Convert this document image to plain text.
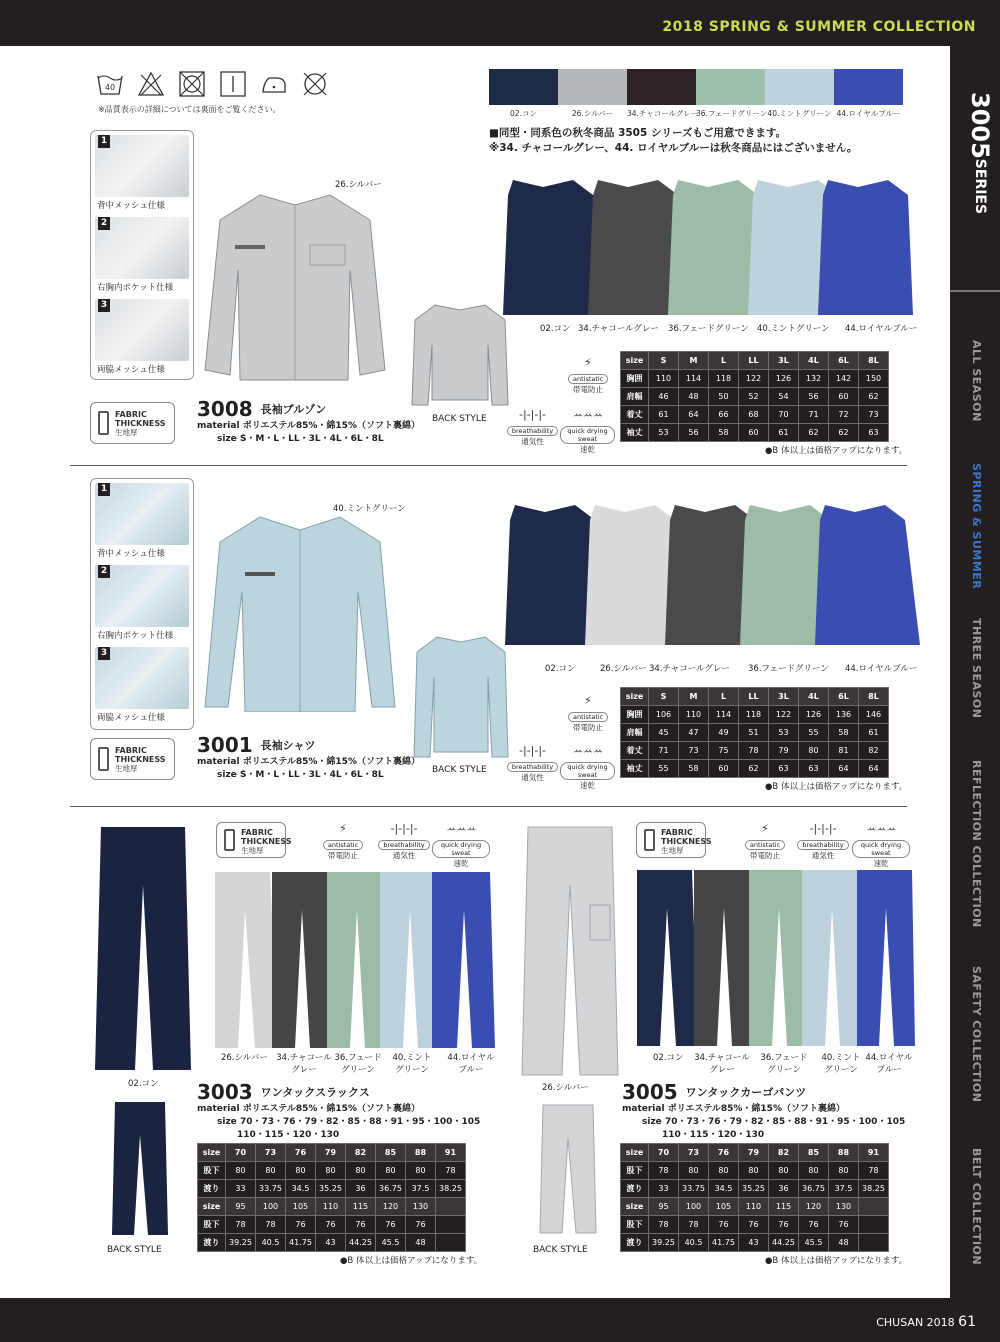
2018 SPRING & SUMMER COLLECTION
3005SERIES
ALL SEASON
SPRING & SUMMER
THREE SEASON
REFLECTION COLLECTION
SAFETY COLLECTION
BELT COLLECTION
40
※品質表示の詳細については裏面をご覧ください。	02.コン	26.シルバー	34.チャコールグレー
36.フェードグリーン 40.ミントグリーン 44.ロイヤルブルー
■同型・同系色の秋冬商品 3505 シリーズもご用意できます。
※34. チャコールグレー、44. ロイヤルブルーは秋冬商品にはございません。
1
背中メッシュ仕様
2
右胸内ポケット仕様
3
両脇メッシュ仕様
26.シルバー
BACK STYLE
02.コン 34.チャコールグレー 36.フェードグリーン 40.ミントグリーン 44.ロイヤルブルー
FABRIC
THICKNESS
生地厚
3008 長袖ブルゾン
material ポリエステル85%・綿15%（ソフト裏綿）
size S・M・L・LL・3L・4L・6L・8L
⚡
antistatic
帯電防止
-|-|-|-
breathability
通気性
ꕀꕀꕀ
quick drying sweat
速乾
size	S	M	L	LL	3L	4L	6L	8L
胸囲	110	114	118	122	126	132	142	150
肩幅	46	48	50	52	54	56	60	62
着丈	61	64	66	68	70	71	72	73
袖丈	53	56	58	60	61	62	62	63
●B 体以上は価格アップになります。
1
背中メッシュ仕様
2
右胸内ポケット仕様
3
両脇メッシュ仕様
40.ミントグリーン
BACK STYLE
02.コン	26.シルバー 34.チャコールグレー 36.フェードグリーン 44.ロイヤルブルー
FABRIC
THICKNESS
生地厚
3001 長袖シャツ
material ポリエステル85%・綿15%（ソフト裏綿）
size S・M・L・LL・3L・4L・6L・8L
⚡
antistatic
帯電防止
-|-|-|-
breathability
通気性
ꕀꕀꕀ
quick drying sweat
速乾
size	S	M	L	LL	3L	4L	6L	8L
胸囲	106	110	114	118	122	126	136	146
肩幅	45	47	49	51	53	55	58	61
着丈	71	73	75	78	79	80	81	82
袖丈	55	58	60	62	63	63	64	64
●B 体以上は価格アップになります。
02.コン
FABRIC
THICKNESS
生地厚
⚡
antistatic
帯電防止
-|-|-|-
breathability
通気性
ꕀꕀꕀ
quick drying sweat
速乾
26.シルバー 34.チャコール
グレー
36.フェード
グリーン
40.ミント
グリーン
44.ロイヤル
ブルー
3003 ワンタックスラックス
material ポリエステル85%・綿15%（ソフト裏綿）
size 70・73・76・79・82・85・88・91・95・100・105
110・115・120・130
BACK STYLE
size	70	73	76	79	82	85	88	91
股下	80	80	80	80	80	80	80	78
渡り	33	33.75	34.5	35.25	36	36.75	37.5	38.25
size	95	100	105	110	115	120	130	
股下	78	78	76	76	76	76	76	
渡り	39.25	40.5	41.75	43	44.25	45.5	48	
●B 体以上は価格アップになります。
26.シルバー
FABRIC
THICKNESS
生地厚
⚡
antistatic
帯電防止
-|-|-|-
breathability
通気性
ꕀꕀꕀ
quick drying sweat
速乾
02.コン 34.チャコール
グレー
36.フェード
グリーン
40.ミント
グリーン
44.ロイヤル
ブルー
3005 ワンタックカーゴパンツ
material ポリエステル85%・綿15%（ソフト裏綿）
size 70・73・76・79・82・85・88・91・95・100・105
110・115・120・130
BACK STYLE
size	70	73	76	79	82	85	88	91
股下	78	80	80	80	80	80	80	78
渡り	33	33.75	34.5	35.25	36	36.75	37.5	38.25
size	95	100	105	110	115	120	130	
股下	78	78	76	76	76	76	76	
渡り	39.25	40.5	41.75	43	44.25	45.5	48	
●B 体以上は価格アップになります。
CHUSAN 2018 61
